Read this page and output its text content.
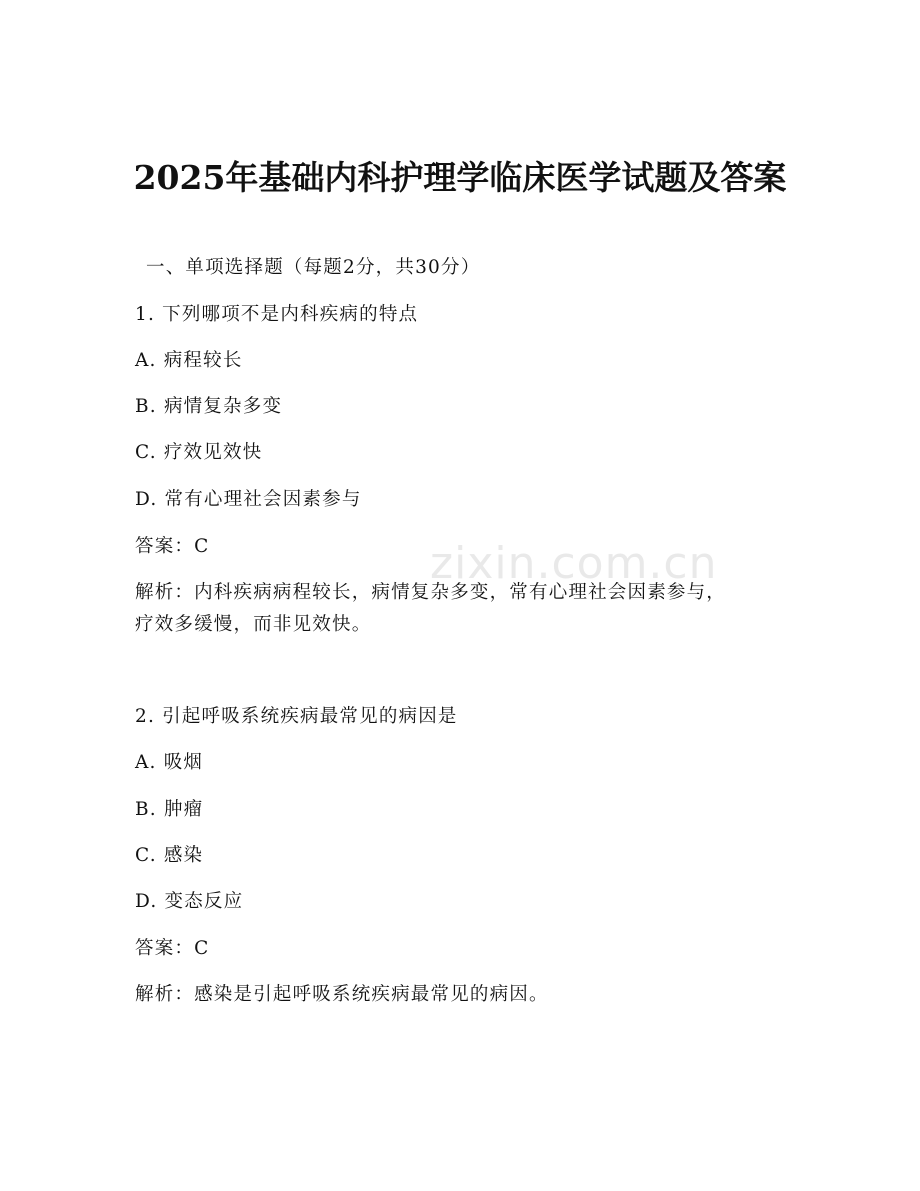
zixin.com.cn
2025年基础内科护理学临床医学试题及答案
一、单项选择题（每题2分，共30分）
1. 下列哪项不是内科疾病的特点
A. 病程较长
B. 病情复杂多变
C. 疗效见效快
D. 常有心理社会因素参与
答案：C
解析：内科疾病病程较长，病情复杂多变，常有心理社会因素参与，
疗效多缓慢，而非见效快。
2. 引起呼吸系统疾病最常见的病因是
A. 吸烟
B. 肿瘤
C. 感染
D. 变态反应
答案：C
解析：感染是引起呼吸系统疾病最常见的病因。
